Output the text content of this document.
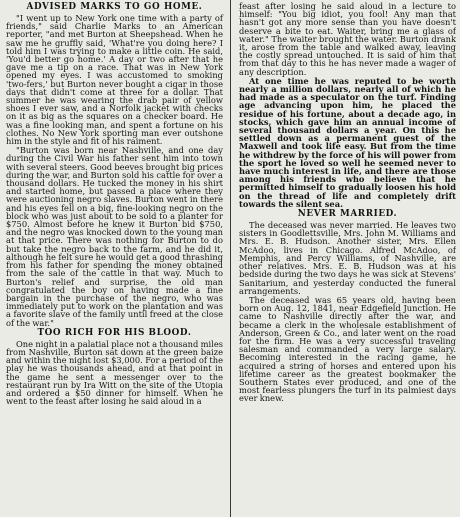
ADVISED MARKS TO GO HOME.
"I went up to New York one time with a party of friends," said Charlie Marks to an American reporter, "and met Burton at Sheepshead. When he saw me he gruffly said, 'What're you doing here? I told him I was trying to make a little coin. He said, 'You'd better go home.' A day or two after that he gave me a tip on a race. That was in New York opened my eyes. I was accustomed to smoking 'two-fers,' but Burton never bought a cigar in those days that didn't come at three for a dollar. That summer he was wearing the drab pair of yellow shoes I ever saw, and a Norfolk jacket with checks on it as big as the squares on a checker board. He was a fine looking man, and spent a fortune on his clothes. No New York sporting man ever outshone him in the style and fit of his raiment.
"Burton was born near Nashville, and one day during the Civil War his father sent him into town with several steers. Good beeves brought big prices during the war, and Burton sold his cattle for over a thousand dollars. He tucked the money in his shirt and started home, but passed a place where they were auctioning negro slaves. Burton went in there and his eyes fell on a big, fine-looking negro on the block who was just about to be sold to a planter for $750. Almost before he knew it Burton bid $750, and the negro was knocked down to the young man at that price. There was nothing for Burton to do but take the negro back to the farm, and he did it, although he felt sure he would get a good thrashing from his father for spending the money obtained from the sale of the cattle in that way. Much to Burton's relief and surprise, the old man congratulated the boy on having made a fine bargain in the purchase of the negro, who was immediately put to work on the plantation and was a favorite slave of the family until freed at the close of the war."
TOO RICH FOR HIS BLOOD.
One night in a palatial place not a thousand miles from Nashville, Burton sat down at the green baize and within the night lost $3,000. For a period of the play he was thousands ahead, and at that point in the game he sent a messenger over to the restaurant run by Ira Witt on the site of the Utopia and ordered a $50 dinner for himself. When he went to the feast after losing he said aloud in a
feast after losing he said aloud in a lecture to himself: "You big idiot, you fool! Any man that hasn't got any more sense than you have doesn't deserve a bite to eat. Waiter, bring me a glass of water." The waiter brought the water. Burton drank it, arose from the table and walked away, leaving the costly spread untouched. It is said of him that from that day to this he has never made a wager of any description.
At one time he was reputed to be worth nearly a million dollars, nearly all of which he had made as a speculator on the turf. Finding age advancing upon him, he placed the residue of his fortune, about a decade ago, in stocks, which gave him an annual income of several thousand dollars a year. On this he settled down as a permanent guest of the Maxwell and took life easy. But from the time he withdrew by the force of his will power from the sport he loved so well he seemed never to have much interest in life, and there are those among his friends who believe that he permitted himself to gradually loosen his hold on the thread of life and completely drift towards the silent sea.
NEVER MARRIED.
The deceased was never married. He leaves two sisters in Goodlettsville, Mrs. John M. Williams and Mrs. E. B. Hudson. Another sister, Mrs. Ellen McAdoo, lives in Chicago. Alfred McAdoo, of Memphis, and Percy Williams, of Nashville, are other relatives. Mrs. E. B. Hudson was at his bedside during the two days he was sick at Stevens' Sanitarium, and yesterday conducted the funeral arrangements.
The deceased was 65 years old, having been born on Aug. 12, 1841, near Edgefield Junction. He came to Nashville directly after the war, and became a clerk in the wholesale establishment of Anderson, Green & Co., and later went on the road for the firm. He was a very successful traveling salesman and commanded a very large salary. Becoming interested in the racing game, he acquired a string of horses and entered upon his lifetime career as the greatest bookmaker the Southern States ever produced, and one of the most fearless plungers the turf in its palmiest days ever knew.
